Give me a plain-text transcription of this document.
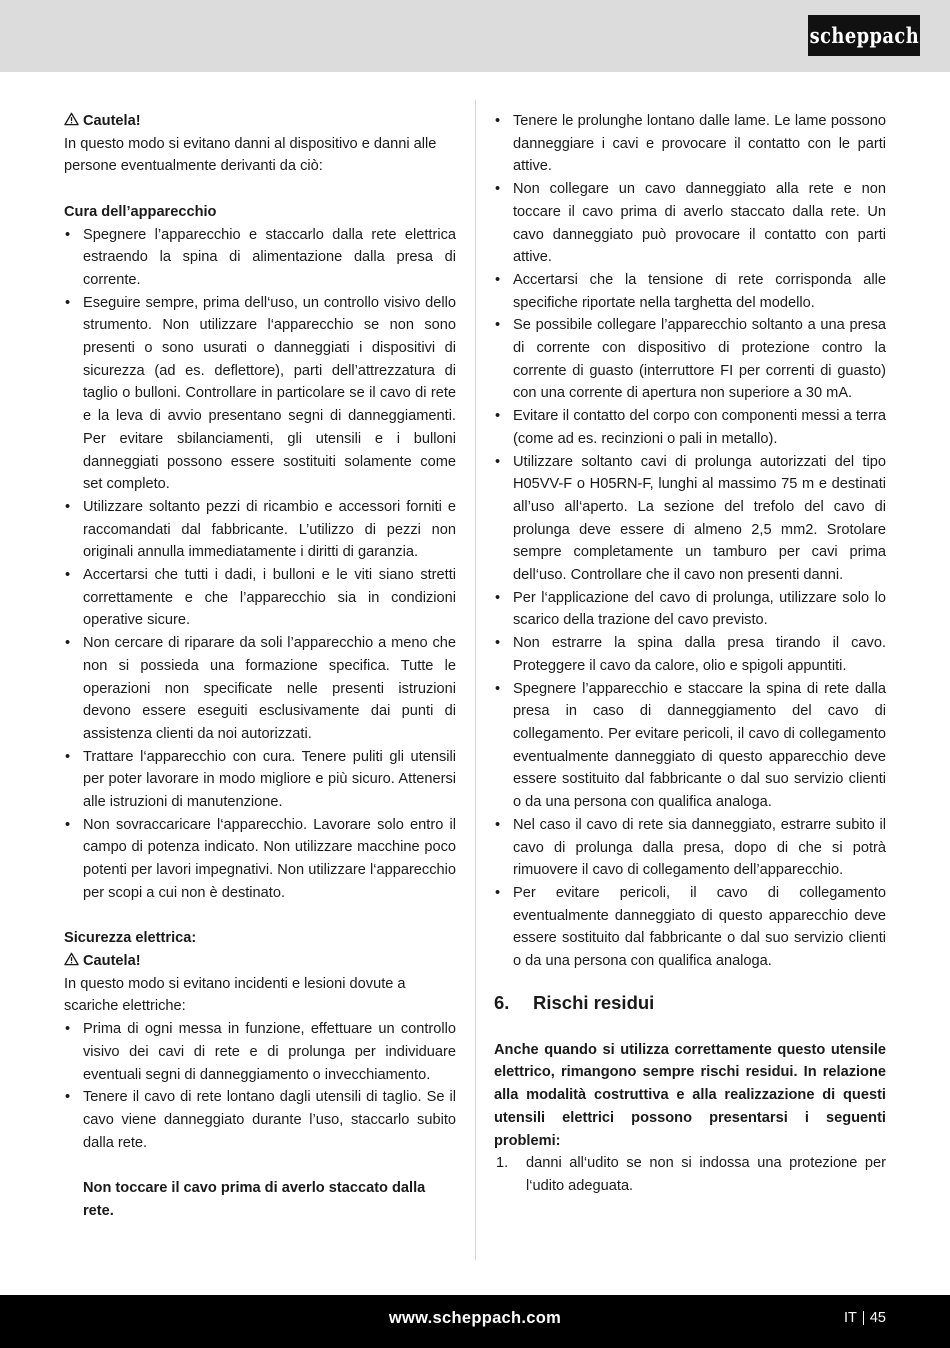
scheppach

Cautela!

In questo modo si evitano danni al dispositivo e danni alle persone eventualmente derivanti da ciò:

Cura dell’apparecchio

• Spegnere l’apparecchio e staccarlo dalla rete elettrica estraendo la spina di alimentazione dalla presa di corrente.
• Eseguire sempre, prima dell‘uso, un controllo visivo dello strumento. Non utilizzare l‘apparecchio se non sono presenti o sono usurati o danneggiati i dispositivi di sicurezza (ad es. deflettore), parti dell’attrezzatura di taglio o bulloni. Controllare in particolare se il cavo di rete e la leva di avvio presentano segni di danneggiamenti. Per evitare sbilanciamenti, gli utensili e i bulloni danneggiati possono essere sostituiti solamente come set completo.
• Utilizzare soltanto pezzi di ricambio e accessori forniti e raccomandati dal fabbricante. L’utilizzo di pezzi non originali annulla immediatamente i diritti di garanzia.
• Accertarsi che tutti i dadi, i bulloni e le viti siano stretti correttamente e che l’apparecchio sia in condizioni operative sicure.
• Non cercare di riparare da soli l’apparecchio a meno che non si possieda una formazione specifica. Tutte le operazioni non specificate nelle presenti istruzioni devono essere eseguiti esclusivamente dai punti di assistenza clienti da noi autorizzati.
• Trattare l‘apparecchio con cura. Tenere puliti gli utensili per poter lavorare in modo migliore e più sicuro. Attenersi alle istruzioni di manutenzione.
• Non sovraccaricare l‘apparecchio. Lavorare solo entro il campo di potenza indicato. Non utilizzare macchine poco potenti per lavori impegnativi. Non utilizzare l‘apparecchio per scopi a cui non è destinato.

Sicurezza elettrica:

Cautela!

In questo modo si evitano incidenti e lesioni dovute a scariche elettriche:

• Prima di ogni messa in funzione, effettuare un controllo visivo dei cavi di rete e di prolunga per individuare eventuali segni di danneggiamento o invecchiamento.
• Tenere il cavo di rete lontano dagli utensili di taglio. Se il cavo viene danneggiato durante l’uso, staccarlo subito dalla rete.

Non toccare il cavo prima di averlo staccato dalla rete.

• Tenere le prolunghe lontano dalle lame. Le lame possono danneggiare i cavi e provocare il contatto con le parti attive.
• Non collegare un cavo danneggiato alla rete e non toccare il cavo prima di averlo staccato dalla rete. Un cavo danneggiato può provocare il contatto con parti attive.
• Accertarsi che la tensione di rete corrisponda alle specifiche riportate nella targhetta del modello.
• Se possibile collegare l’apparecchio soltanto a una presa di corrente con dispositivo di protezione contro la corrente di guasto (interruttore FI per correnti di guasto) con una corrente di apertura non superiore a 30 mA.
• Evitare il contatto del corpo con componenti messi a terra (come ad es. recinzioni o pali in metallo).
• Utilizzare soltanto cavi di prolunga autorizzati del tipo H05VV-F o H05RN-F, lunghi al massimo 75 m e destinati all’uso all‘aperto. La sezione del trefolo del cavo di prolunga deve essere di almeno 2,5 mm2. Srotolare sempre completamente un tamburo per cavi prima dell‘uso. Controllare che il cavo non presenti danni.
• Per l‘applicazione del cavo di prolunga, utilizzare solo lo scarico della trazione del cavo previsto.
• Non estrarre la spina dalla presa tirando il cavo. Proteggere il cavo da calore, olio e spigoli appuntiti.
• Spegnere l’apparecchio e staccare la spina di rete dalla presa in caso di danneggiamento del cavo di collegamento. Per evitare pericoli, il cavo di collegamento eventualmente danneggiato di questo apparecchio deve essere sostituito dal fabbricante o dal suo servizio clienti o da una persona con qualifica analoga.
• Nel caso il cavo di rete sia danneggiato, estrarre subito il cavo di prolunga dalla presa, dopo di che si potrà rimuovere il cavo di collegamento dell’apparecchio.
• Per evitare pericoli, il cavo di collegamento eventualmente danneggiato di questo apparecchio deve essere sostituito dal fabbricante o dal suo servizio clienti o da una persona con qualifica analoga.
6.	Rischi residui

Anche quando si utilizza correttamente questo utensile elettrico, rimangono sempre rischi residui. In relazione alla modalità costruttiva e alla realizzazione di questi utensili elettrici possono presentarsi i seguenti problemi:

1. danni all‘udito se non si indossa una protezione per l‘udito adeguata.
www.scheppach.com	IT 45
